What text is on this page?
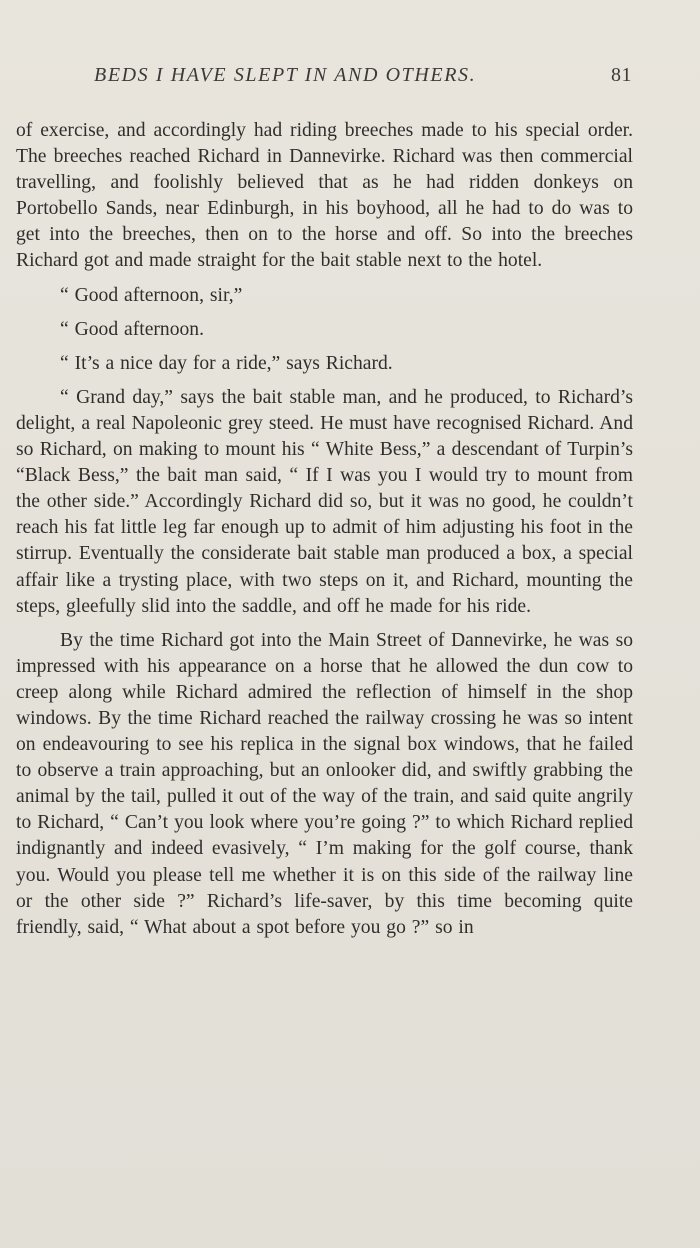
BEDS I HAVE SLEPT IN AND OTHERS.	81

of exercise, and accordingly had riding breeches made to his special order. The breeches reached Richard in Dannevirke. Richard was then commercial travelling, and foolishly believed that as he had ridden donkeys on Portobello Sands, near Edinburgh, in his boyhood, all he had to do was to get into the breeches, then on to the horse and off. So into the breeches Richard got and made straight for the bait stable next to the hotel.

“ Good afternoon, sir,”

“ Good afternoon.

“ It’s a nice day for a ride,” says Richard.

“ Grand day,” says the bait stable man, and he produced, to Richard’s delight, a real Napoleonic grey steed. He must have recognised Richard. And so Richard, on making to mount his “ White Bess,” a descendant of Turpin’s “Black Bess,” the bait man said, “ If I was you I would try to mount from the other side.” Accordingly Richard did so, but it was no good, he couldn’t reach his fat little leg far enough up to admit of him adjusting his foot in the stirrup. Eventually the considerate bait stable man produced a box, a special affair like a trysting place, with two steps on it, and Richard, mounting the steps, gleefully slid into the saddle, and off he made for his ride.

By the time Richard got into the Main Street of Dannevirke, he was so impressed with his appearance on a horse that he allowed the dun cow to creep along while Richard admired the reflection of himself in the shop windows. By the time Richard reached the railway crossing he was so intent on endeavouring to see his replica in the signal box windows, that he failed to observe a train approaching, but an onlooker did, and swiftly grabbing the animal by the tail, pulled it out of the way of the train, and said quite angrily to Richard, “ Can’t you look where you’re going ?” to which Richard replied indignantly and indeed evasively, “ I’m making for the golf course, thank you. Would you please tell me whether it is on this side of the railway line or the other side ?” Richard’s life-saver, by this time becoming quite friendly, said, “ What about a spot before you go ?” so in
